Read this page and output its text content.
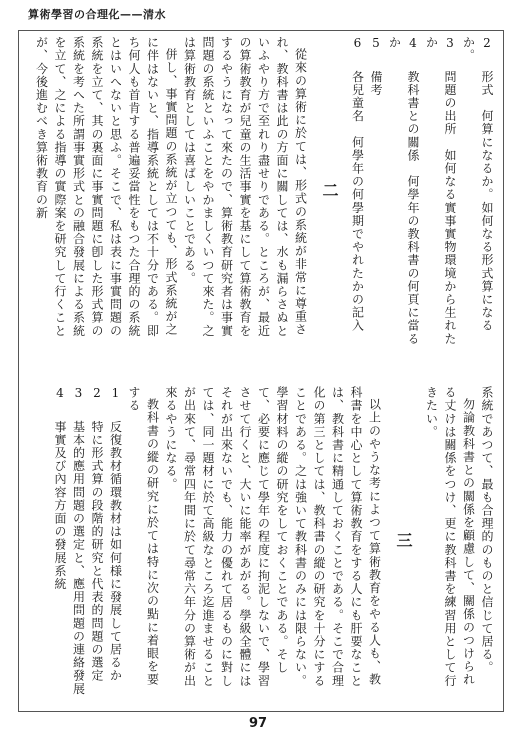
算術學習の合理化——清水
2　形式　何算になるか。如何なる形式算になるか。
3　問題の出所　如何なる實事實物環境から生れたか
4　教科書との關係　何學年の教科書の何頁に當るか
5　備考
6　各兒童名　何學年の何學期でやれたかの記入
二

從來の算術に於ては、形式の系統が非常に尊重され、教科書は此の方面に關しては、水も漏らさぬといふやり方で至れり盡せりである。ところが、最近の算術教育が兒童の生活事實を基にして算術教育をするやうになって來たので、算術教育研究者は事實問題の系統といふことをやかましくいつて來た。之は算術教育としては喜ばしいことである。

併し、事實問題の系統が立つても、形式系統が之に伴はないと、指導系統としては不十分である。即ち何人も首肯する普遍妥當性をもつた合理的の系統とはいへないと思ふ。そこで、私は表に事實問題の系統を立て、其の裏面に事實問題に卽した形式算の系統を考へた所謂事實形式との融合發展による系統を立て、之による指導の實際案を研究して行くことが、今後進むべき算術教育の新

系統であつて、最も合理的のものと信じて居る。

勿論教科書との關係を顧慮して、關係のつけられる丈けは關係をつけ、更に教科書を練習用として行きたい。

三

以上のやうな考によつて算術教育をやる人も、教科書を中心として算術教育をする人にも肝要なことは、教科書に精通しておくことである。そこで合理化の第三としては、教科書の縱の研究を十分にすることである。之は強いて教科書のみには限らない。學習材料の縱の研究をしておくことである。そして、必要に應じて學年の程度に拘泥しないで、學習させて行くと、大いに能率があがる。學級全體にはそれが出來ないでも、能力の優れて居るものに對しては、同一題材に於て高級なところ迄進ませることが出來て、尋常四年間に於て尋常六年分の算術が出來るやうになる。

教科書の縱の研究に於ては特に次の點に着眼を要する

1　反復教材循環教材は如何様に發展して居るか
2　特に形式算の段階的研究と代表的問題の選定
3　基本的應用問題の選定と、應用問題の連絡發展
4　事實及び內容方面の發展系統
97
